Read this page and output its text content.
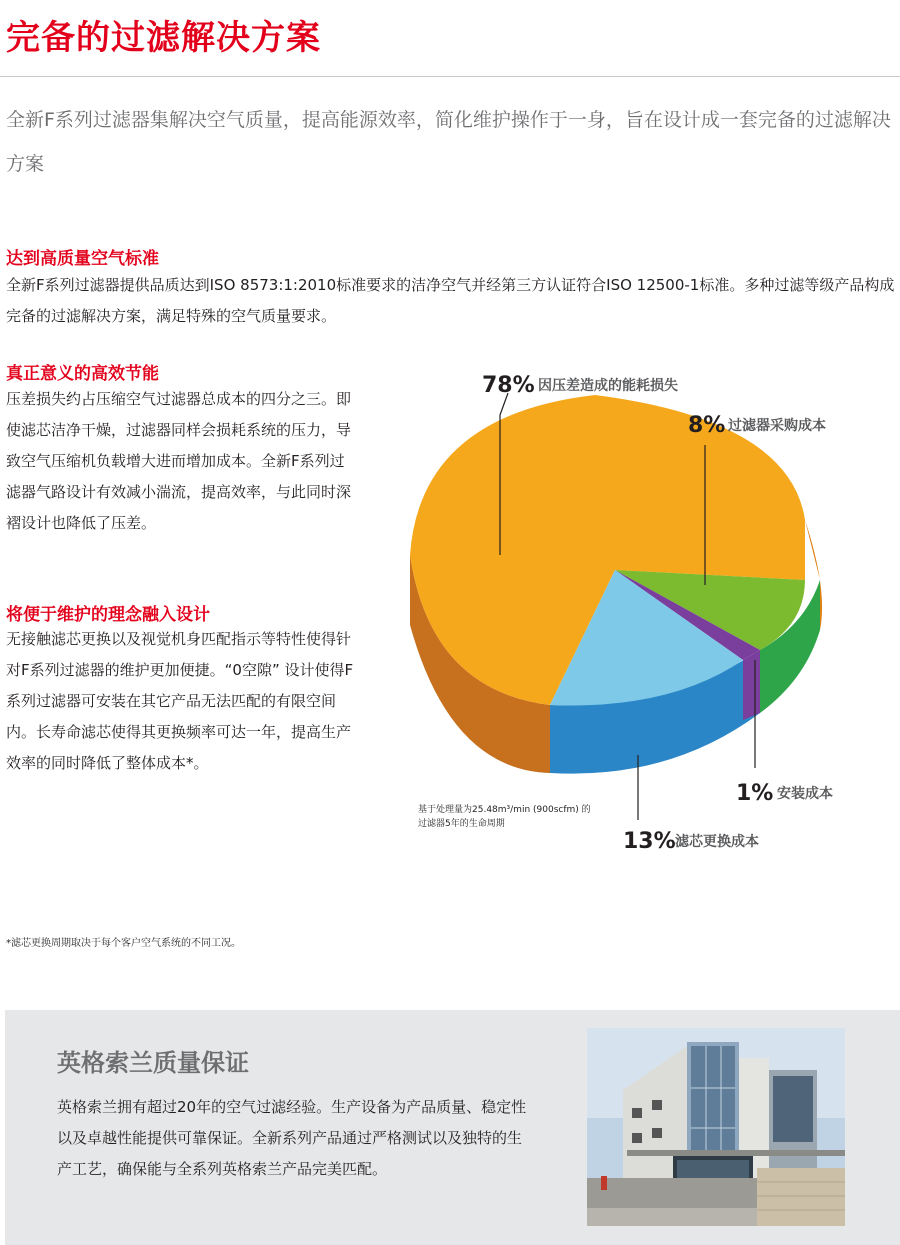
完备的过滤解决方案

全新F系列过滤器集解决空气质量，提高能源效率，简化维护操作于一身，旨在设计成一套完备的过滤解决方案

达到高质量空气标准

全新F系列过滤器提供品质达到ISO 8573:1:2010标准要求的洁净空气并经第三方认证符合ISO 12500-1标准。多种过滤等级产品构成完备的过滤解决方案，满足特殊的空气质量要求。

真正意义的高效节能

压差损失约占压缩空气过滤器总成本的四分之三。即使滤芯洁净干燥，过滤器同样会损耗系统的压力，导致空气压缩机负载增大进而增加成本。全新F系列过滤器气路设计有效减小湍流，提高效率，与此同时深褶设计也降低了压差。

将便于维护的理念融入设计

无接触滤芯更换以及视觉机身匹配指示等特性使得针对F系列过滤器的维护更加便捷。“0空隙” 设计使得F系列过滤器可安装在其它产品无法匹配的有限空间内。长寿命滤芯使得其更换频率可达一年，提高生产效率的同时降低了整体成本*。

78% 因压差造成的能耗损失
8% 过滤器采购成本
1% 安装成本
13% 滤芯更换成本
基于处理量为25.48m³/min (900scfm) 的
过滤器5年的生命周期
*滤芯更换周期取决于每个客户空气系统的不同工况。
英格索兰质量保证

英格索兰拥有超过20年的空气过滤经验。生产设备为产品质量、稳定性以及卓越性能提供可靠保证。全新系列产品通过严格测试以及独特的生产工艺，确保能与全系列英格索兰产品完美匹配。
